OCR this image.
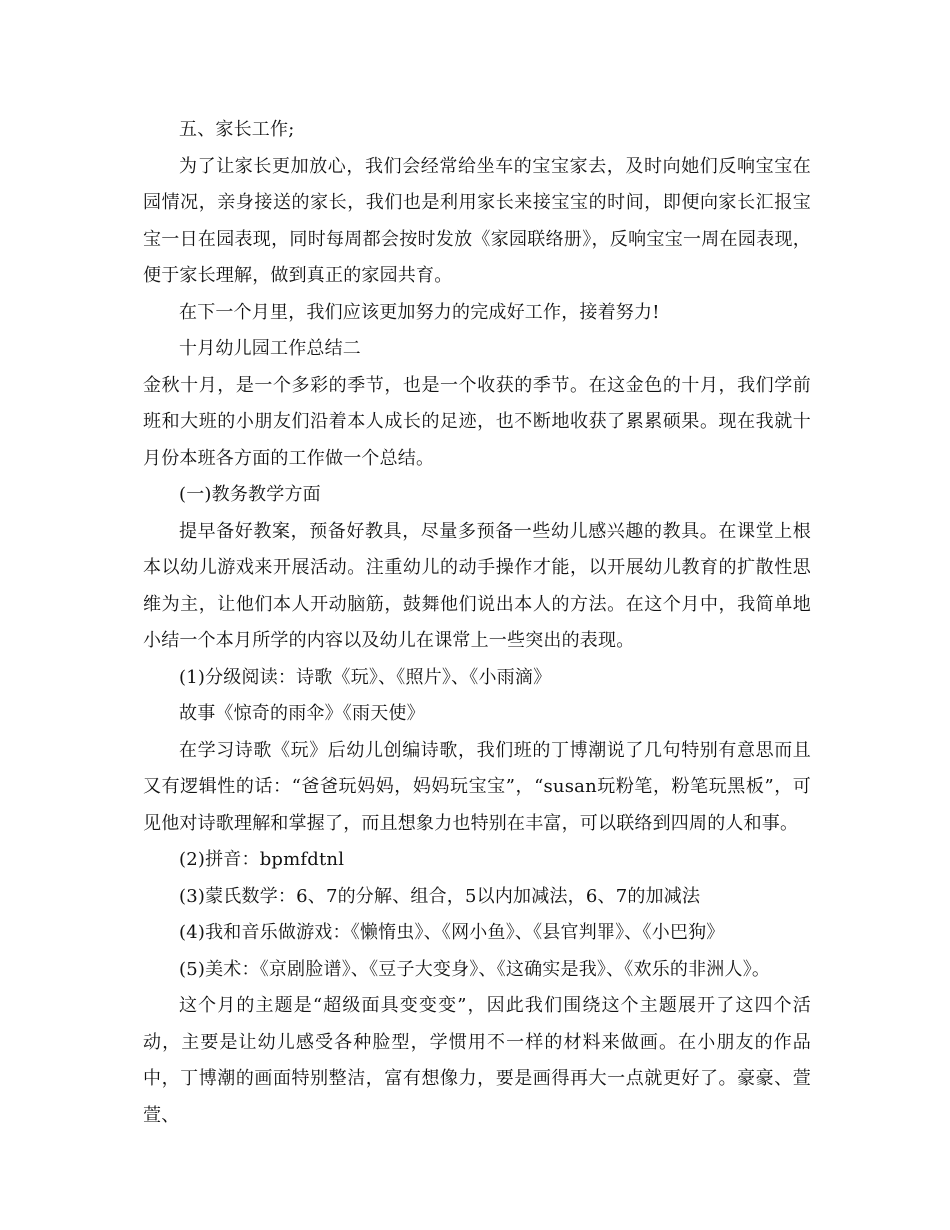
五、家长工作;

为了让家长更加放心，我们会经常给坐车的宝宝家去，及时向她们反响宝宝在园情况，亲身接送的家长，我们也是利用家长来接宝宝的时间，即便向家长汇报宝宝一日在园表现，同时每周都会按时发放《家园联络册》，反响宝宝一周在园表现，便于家长理解，做到真正的家园共育。

在下一个月里，我们应该更加努力的完成好工作，接着努力!

十月幼儿园工作总结二

金秋十月，是一个多彩的季节，也是一个收获的季节。在这金色的十月，我们学前班和大班的小朋友们沿着本人成长的足迹，也不断地收获了累累硕果。现在我就十月份本班各方面的工作做一个总结。

(一)教务教学方面

提早备好教案，预备好教具，尽量多预备一些幼儿感兴趣的教具。在课堂上根本以幼儿游戏来开展活动。注重幼儿的动手操作才能，以开展幼儿教育的扩散性思维为主，让他们本人开动脑筋，鼓舞他们说出本人的方法。在这个月中，我简单地小结一个本月所学的内容以及幼儿在课常上一些突出的表现。

(1)分级阅读：诗歌《玩》、《照片》、《小雨滴》

故事《惊奇的雨伞》《雨天使》

在学习诗歌《玩》后幼儿创编诗歌，我们班的丁博潮说了几句特别有意思而且又有逻辑性的话：“爸爸玩妈妈，妈妈玩宝宝”，“susan玩粉笔，粉笔玩黑板”，可见他对诗歌理解和掌握了，而且想象力也特别在丰富，可以联络到四周的人和事。

(2)拼音：bpmfdtnl

(3)蒙氏数学：6、7的分解、组合，5以内加减法，6、7的加减法

(4)我和音乐做游戏：《懒惰虫》、《网小鱼》、《县官判罪》、《小巴狗》

(5)美术：《京剧脸谱》、《豆子大变身》、《这确实是我》、《欢乐的非洲人》。

这个月的主题是“超级面具变变变”，因此我们围绕这个主题展开了这四个活动，主要是让幼儿感受各种脸型，学惯用不一样的材料来做画。在小朋友的作品中，丁博潮的画面特别整洁，富有想像力，要是画得再大一点就更好了。豪豪、萱萱、
